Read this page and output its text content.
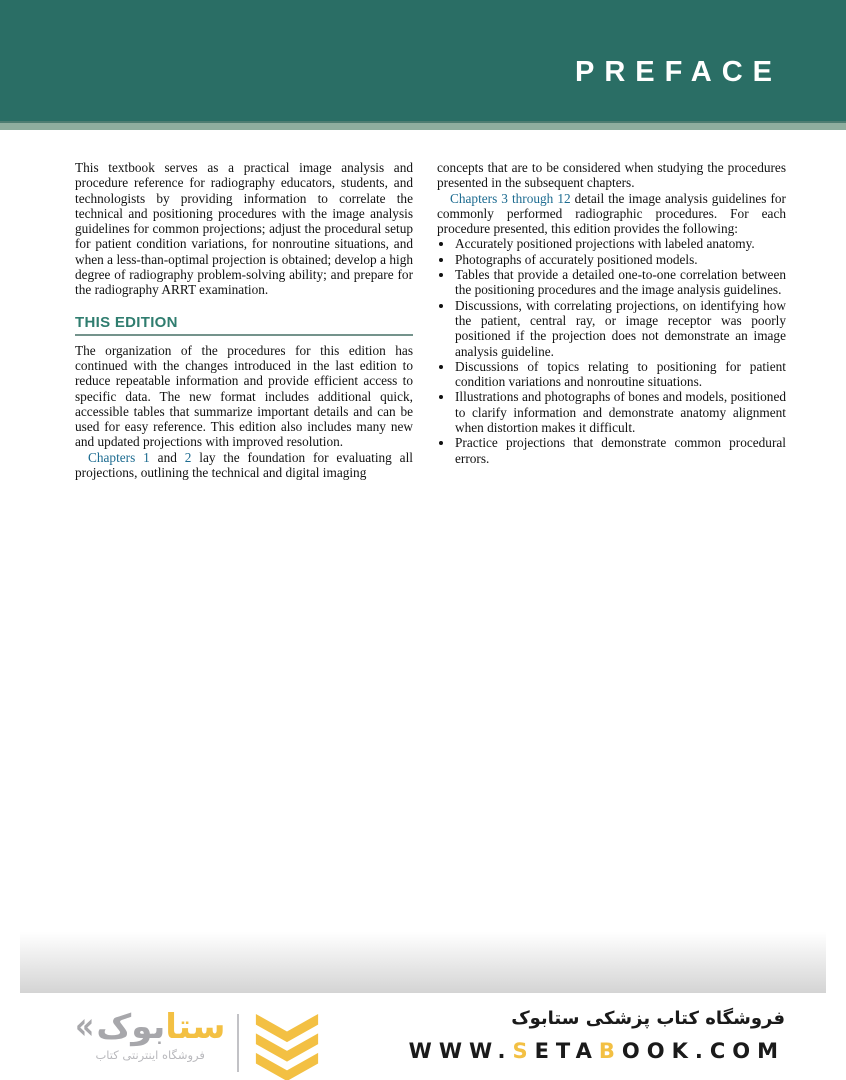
PREFACE

This textbook serves as a practical image analysis and procedure reference for radiography educators, students, and technologists by providing information to correlate the technical and positioning procedures with the image analysis guidelines for common projections; adjust the procedural setup for patient condition variations, for nonroutine situations, and when a less-than-optimal projection is obtained; develop a high degree of radiography problem-solving ability; and prepare for the radiography ARRT examination.

THIS EDITION

The organization of the procedures for this edition has continued with the changes introduced in the last edition to reduce repeatable information and provide efficient access to specific data. The new format includes additional quick, accessible tables that summarize important details and can be used for easy reference. This edition also includes many new and updated projections with improved resolution.

Chapters 1 and 2 lay the foundation for evaluating all projections, outlining the technical and digital imaging

concepts that are to be considered when studying the procedures presented in the subsequent chapters.

Chapters 3 through 12 detail the image analysis guidelines for commonly performed radiographic procedures. For each procedure presented, this edition provides the following:

• Accurately positioned projections with labeled anatomy.
• Photographs of accurately positioned models.
• Tables that provide a detailed one-to-one correlation between the positioning procedures and the image analysis guidelines.
• Discussions, with correlating projections, on identifying how the patient, central ray, or image receptor was poorly positioned if the projection does not demonstrate an image analysis guideline.
• Discussions of topics relating to positioning for patient condition variations and nonroutine situations.
• Illustrations and photographs of bones and models, positioned to clarify information and demonstrate anatomy alignment when distortion makes it difficult.
• Practice projections that demonstrate common procedural errors.
« بوک ستا
فروشگاه اینترنتی کتاب
فروشگاه کتاب پزشکی ستابوک
WWW.SETABOOK.COM
